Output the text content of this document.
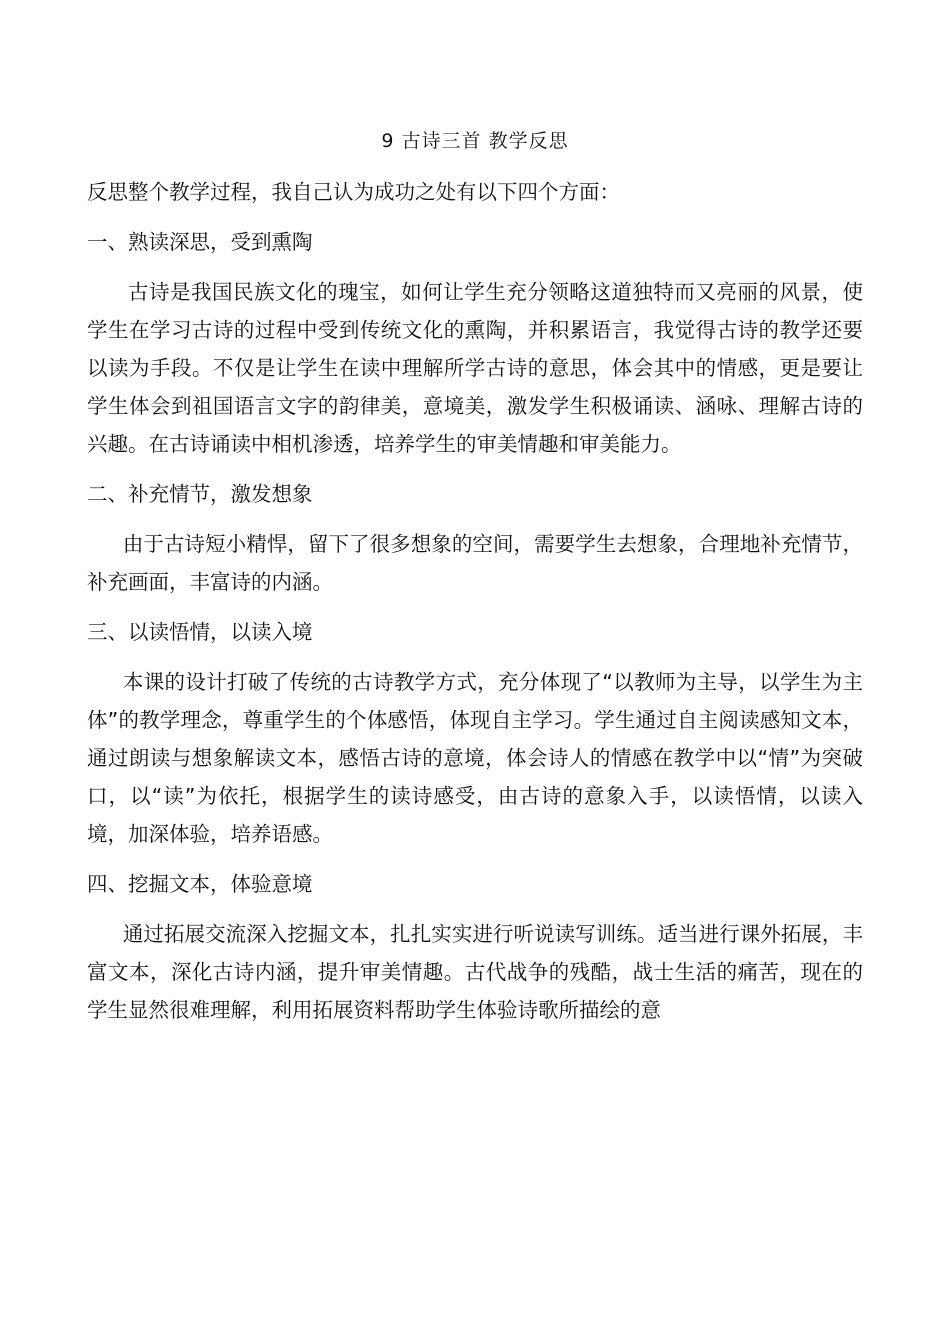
9 古诗三首 教学反思

反思整个教学过程，我自己认为成功之处有以下四个方面：

一、熟读深思，受到熏陶

古诗是我国民族文化的瑰宝，如何让学生充分领略这道独特而又亮丽的风景，使学生在学习古诗的过程中受到传统文化的熏陶，并积累语言，我觉得古诗的教学还要以读为手段。不仅是让学生在读中理解所学古诗的意思，体会其中的情感，更是要让学生体会到祖国语言文字的韵律美，意境美，激发学生积极诵读、涵咏、理解古诗的兴趣。在古诗诵读中相机渗透，培养学生的审美情趣和审美能力。

二、补充情节，激发想象

由于古诗短小精悍，留下了很多想象的空间，需要学生去想象，合理地补充情节，补充画面，丰富诗的内涵。

三、以读悟情，以读入境

本课的设计打破了传统的古诗教学方式，充分体现了“以教师为主导，以学生为主体”的教学理念，尊重学生的个体感悟，体现自主学习。学生通过自主阅读感知文本，通过朗读与想象解读文本，感悟古诗的意境，体会诗人的情感在教学中以“情”为突破口，以“读”为依托，根据学生的读诗感受，由古诗的意象入手，以读悟情，以读入境，加深体验，培养语感。

四、挖掘文本，体验意境

通过拓展交流深入挖掘文本，扎扎实实进行听说读写训练。适当进行课外拓展，丰富文本，深化古诗内涵，提升审美情趣。古代战争的残酷，战士生活的痛苦，现在的学生显然很难理解，利用拓展资料帮助学生体验诗歌所描绘的意
